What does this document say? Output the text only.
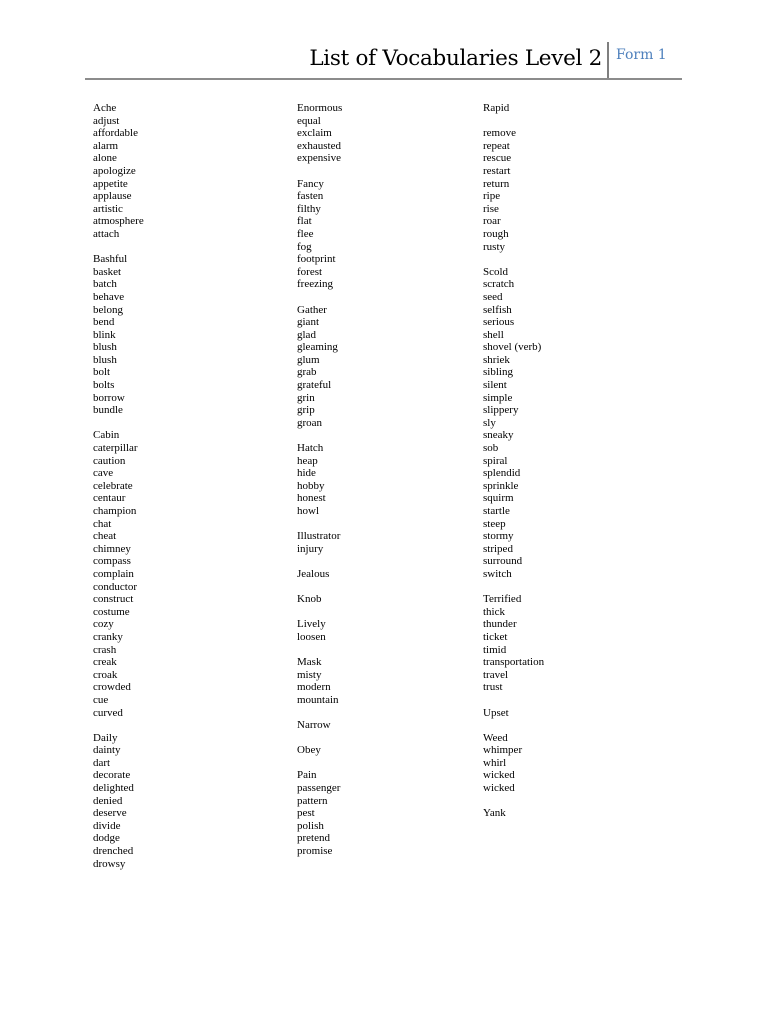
List of Vocabularies Level 2 Form 1
Ache
adjust
affordable
alarm
alone
apologize
appetite
applause
artistic
atmosphere
attach
Bashful
basket
batch
behave
belong
bend
blink
blush
blush
bolt
bolts
borrow
bundle
Cabin
caterpillar
caution
cave
celebrate
centaur
champion
chat
cheat
chimney
compass
complain
conductor
construct
costume
cozy
cranky
crash
creak
croak
crowded
cue
curved
Daily
dainty
dart
decorate
delighted
denied
deserve
divide
dodge
drenched
drowsy
Enormous
equal
exclaim
exhausted
expensive
Fancy
fasten
filthy
flat
flee
fog
footprint
forest
freezing
Gather
giant
glad
gleaming
glum
grab
grateful
grin
grip
groan
Hatch
heap
hide
hobby
honest
howl
Illustrator
injury
Jealous
Knob
Lively
loosen
Mask
misty
modern
mountain
Narrow
Obey
Pain
passenger
pattern
pest
polish
pretend
promise
Rapid
remove
repeat
rescue
restart
return
ripe
rise
roar
rough
rusty
Scold
scratch
seed
selfish
serious
shell
shovel (verb)
shriek
sibling
silent
simple
slippery
sly
sneaky
sob
spiral
splendid
sprinkle
squirm
startle
steep
stormy
striped
surround
switch
Terrified
thick
thunder
ticket
timid
transportation
travel
trust
Upset
Weed
whimper
whirl
wicked
wicked
Yank
